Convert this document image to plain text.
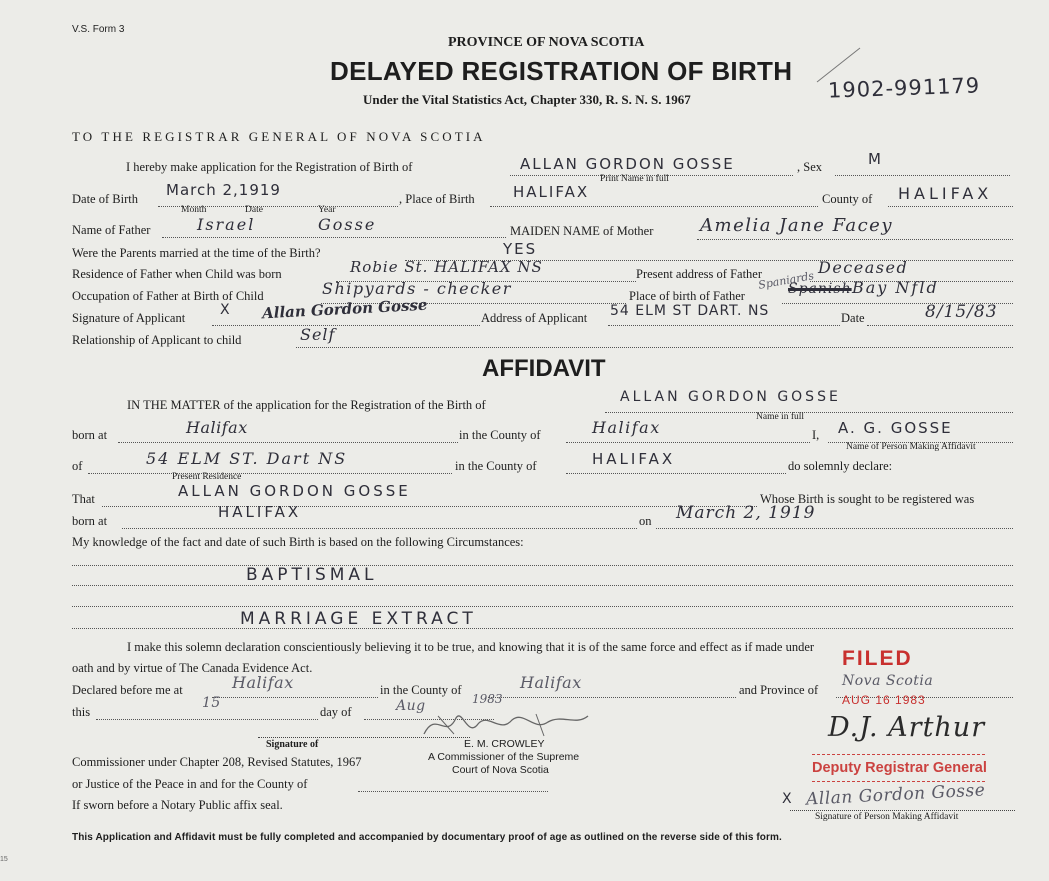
V.S. Form 3
PROVINCE OF NOVA SCOTIA
DELAYED REGISTRATION OF BIRTH
Under the Vital Statistics Act, Chapter 330, R. S. N. S. 1967	1902-991179
TO THE REGISTRAR GENERAL OF NOVA SCOTIA
I hereby make application for the Registration of Birth of	ALLAN GORDON GOSSE	, Sex	M
Print Name in full
Date of Birth March 2,1919
Month	Date	Year
, Place of Birth	HALIFAX	County of HALIFAX
Name of Father	Israel	Gosse	MAIDEN NAME of Mother	Amelia Jane Facey
Were the Parents married at the time of the Birth?	YES
Residence of Father when Child was born	Robie St. HALIFAX NS	Present address of Father	Deceased
Occupation of Father at Birth of Child	Shipyards - checker	Place of birth of Father
Spaniards
Spanish Bay Nfld
Signature of Applicant X Allan Gordon Gosse	Address of Applicant 54 ELM ST DART. NS	Date	8/15/83
Relationship of Applicant to child	Self
AFFIDAVIT
IN THE MATTER of the application for the Registration of the Birth of	ALLAN GORDON GOSSE
Name in full
born at	Halifax	in the County of	Halifax	I, A. G. GOSSE
Name of Person Making Affidavit
of	54 ELM ST. Dart NS
Present Residence
in the County of	HALIFAX	do solemnly declare:
That	ALLAN GORDON GOSSE	Whose Birth is sought to be registered was
born at	HALIFAX	on March 2, 1919
My knowledge of the fact and date of such Birth is based on the following Circumstances:
BAPTISMAL
MARRIAGE EXTRACT
I make this solemn declaration conscientiously believing it to be true, and knowing that it is of the same force and effect as if made under
oath and by virtue of The Canada Evidence Act.
Declared before me at	Halifax	in the County of	Halifax	and Province of
Nova Scotia
this
15
day of	Aug	1983
Signature of	E. M. CROWLEY
A Commissioner of the Supreme
Court of Nova Scotia
Commissioner under Chapter 208, Revised Statutes, 1967
or Justice of the Peace in and for the County of
If sworn before a Notary Public affix seal.
FILED
AUG 16 1983
D.J. Arthur
Deputy Registrar General
X Allan Gordon Gosse
Signature of Person Making Affidavit
This Application and Affidavit must be fully completed and accompanied by documentary proof of age as outlined on the reverse side of this form.
15
